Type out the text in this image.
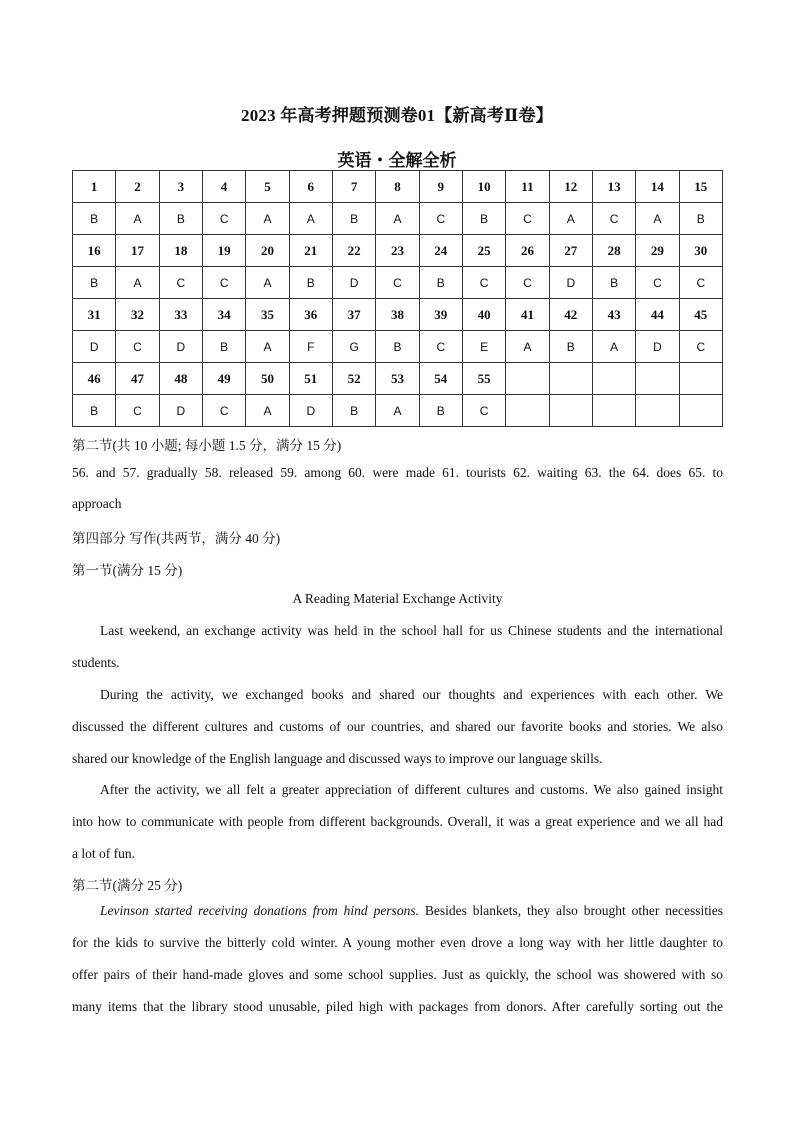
2023 年高考押题预测卷01【新高考Ⅱ卷】
英语・全解全析
1	2	3	4	5	6	7	8	9	10	11	12	13	14	15
B	A	B	C	A	A	B	A	C	B	C	A	C	A	B
16	17	18	19	20	21	22	23	24	25	26	27	28	29	30
B	A	C	C	A	B	D	C	B	C	C	D	B	C	C
31	32	33	34	35	36	37	38	39	40	41	42	43	44	45
D	C	D	B	A	F	G	B	C	E	A	B	A	D	C
46	47	48	49	50	51	52	53	54	55					
B	C	D	C	A	D	B	A	B	C					
第二节(共 10 小题; 每小题 1.5 分，满分 15 分)
56. and 57. gradually 58. released 59. among 60. were made 61. tourists 62. waiting 63. the 64. does 65. to
approach
第四部分 写作(共两节，满分 40 分)
第一节(满分 15 分)
A Reading Material Exchange Activity
Last weekend, an exchange activity was held in the school hall for us Chinese students and the international
students.
During the activity, we exchanged books and shared our thoughts and experiences with each other. We
discussed the different cultures and customs of our countries, and shared our favorite books and stories. We also
shared our knowledge of the English language and discussed ways to improve our language skills.
After the activity, we all felt a greater appreciation of different cultures and customs. We also gained insight
into how to communicate with people from different backgrounds. Overall, it was a great experience and we all had
a lot of fun.
第二节(满分 25 分)
Levinson started receiving donations from hind persons. Besides blankets, they also brought other necessities
for the kids to survive the bitterly cold winter. A young mother even drove a long way with her little daughter to
offer pairs of their hand-made gloves and some school supplies. Just as quickly, the school was showered with so
many items that the library stood unusable, piled high with packages from donors. After carefully sorting out the
